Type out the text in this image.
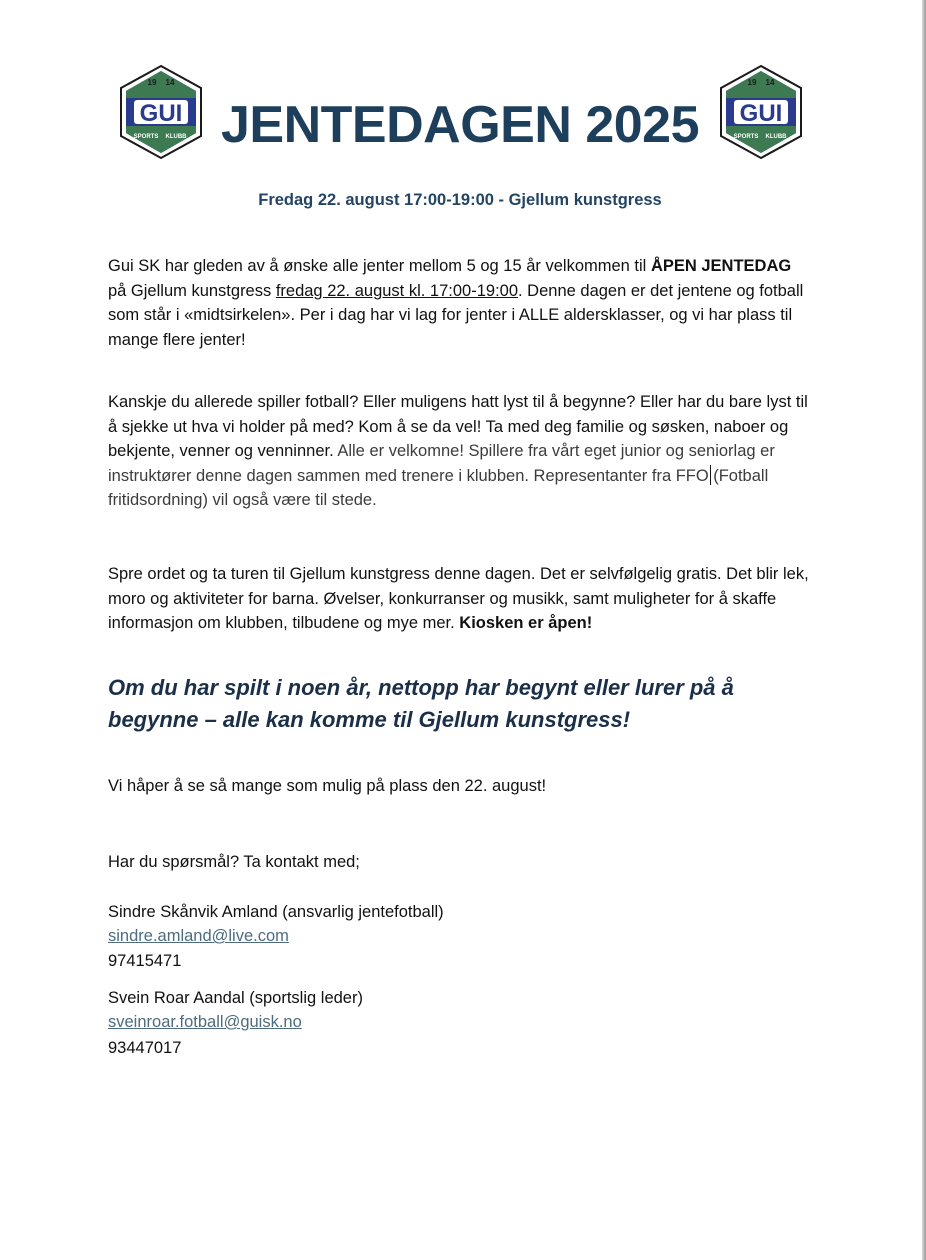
GUI
19 14
SPORTS KLUBB
GUI
19 14
SPORTS KLUBB
JENTEDAGEN 2025

Fredag 22. august 17:00-19:00 - Gjellum kunstgress

Gui SK har gleden av å ønske alle jenter mellom 5 og 15 år velkommen til ÅPEN JENTEDAG på Gjellum kunstgress fredag 22. august kl. 17:00-19:00. Denne dagen er det jentene og fotball som står i «midtsirkelen». Per i dag har vi lag for jenter i ALLE aldersklasser, og vi har plass til mange flere jenter!

Kanskje du allerede spiller fotball? Eller muligens hatt lyst til å begynne? Eller har du bare lyst til å sjekke ut hva vi holder på med? Kom å se da vel! Ta med deg familie og søsken, naboer og bekjente, venner og venninner. Alle er velkomne! Spillere fra vårt eget junior og seniorlag er instruktører denne dagen sammen med trenere i klubben. Representanter fra FFO (Fotball fritidsordning) vil også være til stede.

Spre ordet og ta turen til Gjellum kunstgress denne dagen. Det er selvfølgelig gratis. Det blir lek, moro og aktiviteter for barna. Øvelser, konkurranser og musikk, samt muligheter for å skaffe informasjon om klubben, tilbudene og mye mer. Kiosken er åpen!

Om du har spilt i noen år, nettopp har begynt eller lurer på å begynne – alle kan komme til Gjellum kunstgress!

Vi håper å se så mange som mulig på plass den 22. august!

Har du spørsmål? Ta kontakt med;

Sindre Skånvik Amland (ansvarlig jentefotball)
sindre.amland@live.com
97415471
Svein Roar Aandal (sportslig leder)
sveinroar.fotball@guisk.no
93447017
